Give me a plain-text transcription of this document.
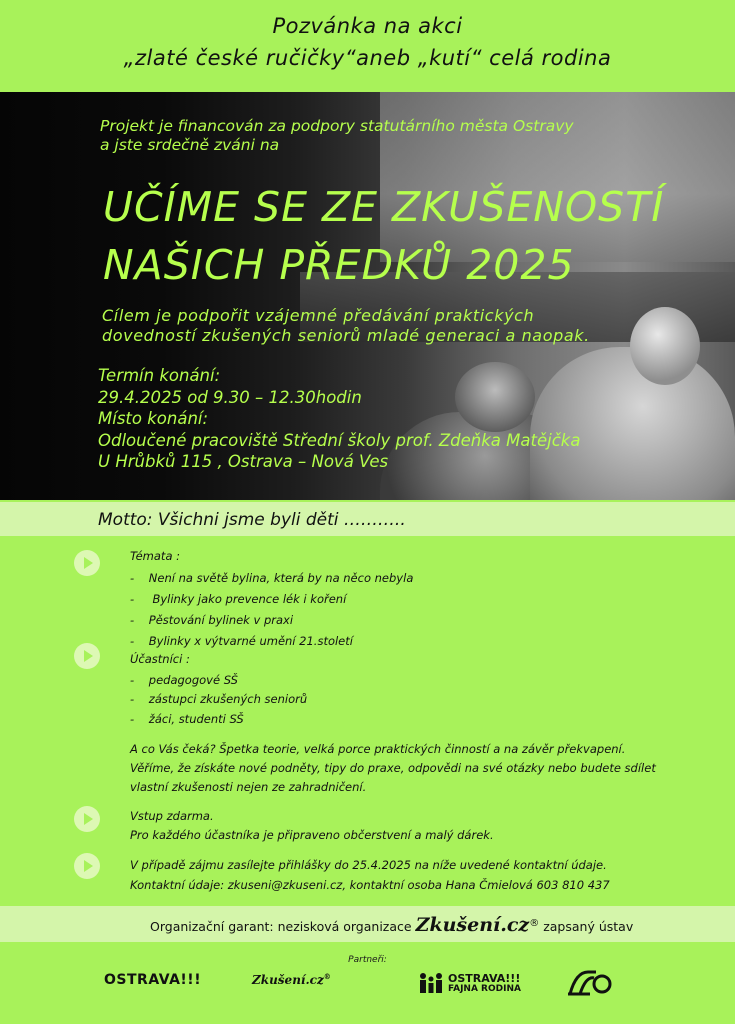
Pozvánka na akci
„zlaté české ručičky“aneb „kutí“ celá rodina
Projekt je financován za podpory statutárního města Ostravy
a jste srdečně zváni na
UČÍME SE ZE ZKUŠENOSTÍ
NAŠICH PŘEDKŮ 2025
Cílem je podpořit vzájemné předávání praktických
dovedností zkušených seniorů mladé generaci a naopak.
Termín konání:
29.4.2025 od 9.30 – 12.30hodin
Místo konání:
Odloučené pracoviště Střední školy prof. Zdeňka Matějčka
U Hrůbků 115 , Ostrava – Nová Ves
Motto: Všichni jsme byli děti ………..
Témata :
-    Není na světě bylina, která by na něco nebyla
-     Bylinky jako prevence lék i koření
-    Pěstování bylinek v praxi
-    Bylinky x výtvarné umění 21.století
Účastníci :
-    pedagogové SŠ
-    zástupci zkušených seniorů
-    žáci, studenti SŠ
A co Vás čeká? Špetka teorie, velká porce praktických činností a na závěr překvapení.
Věříme, že získáte nové podněty, tipy do praxe, odpovědi na své otázky nebo budete sdílet
vlastní zkušenosti nejen ze zahradničení.
Vstup zdarma.
Pro každého účastníka je připraveno občerstvení a malý dárek.
V případě zájmu zasílejte přihlášky do 25.4.2025 na níže uvedené kontaktní údaje.
Kontaktní údaje: zkuseni@zkuseni.cz, kontaktní osoba Hana Čmielová 603 810 437
Organizační garant: nezisková organizace Zkušení.cz® zapsaný ústav
Partneři:
OSTRAVA!!!	Zkušení.cz®	OSTRAVA!!!
FAJNA RODINA
